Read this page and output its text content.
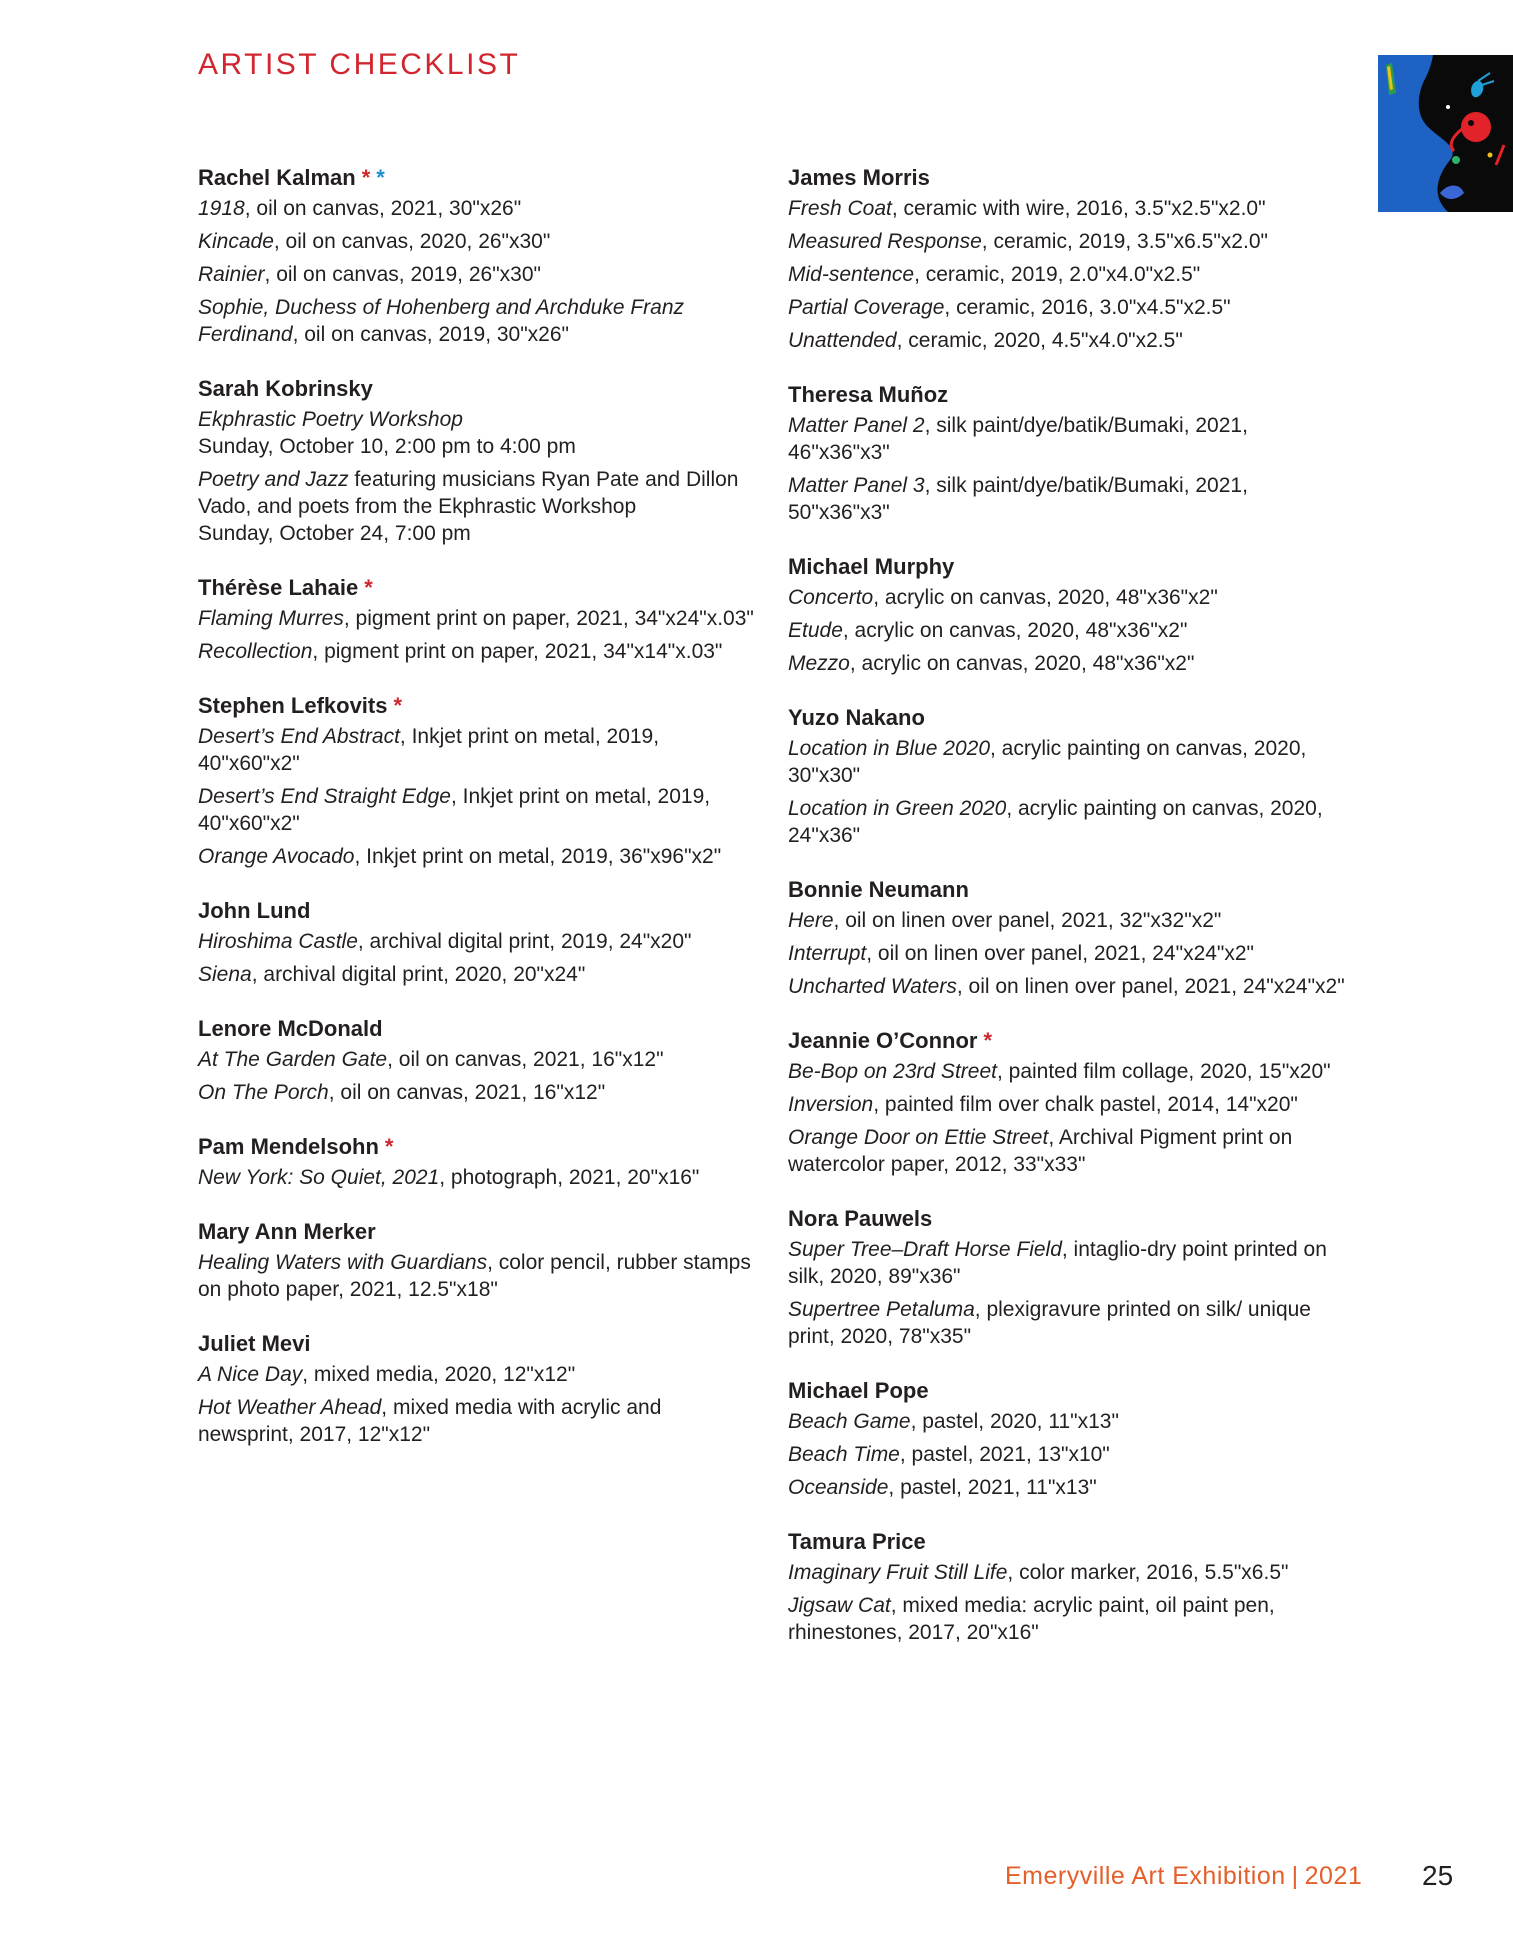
ARTIST CHECKLIST
Rachel Kalman * *
1918, oil on canvas, 2021, 30"x26"
Kincade, oil on canvas, 2020, 26"x30"
Rainier, oil on canvas, 2019, 26"x30"
Sophie, Duchess of Hohenberg and Archduke Franz Ferdinand, oil on canvas, 2019, 30"x26"
Sarah Kobrinsky
Ekphrastic Poetry Workshop
Sunday, October 10, 2:00 pm to 4:00 pm
Poetry and Jazz featuring musicians Ryan Pate and Dillon Vado, and poets from the Ekphrastic Workshop
Sunday, October 24, 7:00 pm
Thérèse Lahaie *
Flaming Murres, pigment print on paper, 2021, 34"x24"x.03"
Recollection, pigment print on paper, 2021, 34"x14"x.03"
Stephen Lefkovits *
Desert’s End Abstract, Inkjet print on metal, 2019, 40"x60"x2"
Desert’s End Straight Edge, Inkjet print on metal, 2019, 40"x60"x2"
Orange Avocado, Inkjet print on metal, 2019, 36"x96"x2"
John Lund
Hiroshima Castle, archival digital print, 2019, 24"x20"
Siena, archival digital print, 2020, 20"x24"
Lenore McDonald
At The Garden Gate, oil on canvas, 2021, 16"x12"
On The Porch, oil on canvas, 2021, 16"x12"
Pam Mendelsohn *
New York: So Quiet, 2021, photograph, 2021, 20"x16"
Mary Ann Merker
Healing Waters with Guardians, color pencil, rubber stamps on photo paper, 2021, 12.5"x18"
Juliet Mevi
A Nice Day, mixed media, 2020, 12"x12"
Hot Weather Ahead, mixed media with acrylic and newsprint, 2017, 12"x12"
James Morris
Fresh Coat, ceramic with wire, 2016, 3.5"x2.5"x2.0"
Measured Response, ceramic, 2019, 3.5"x6.5"x2.0"
Mid-sentence, ceramic, 2019, 2.0"x4.0"x2.5"
Partial Coverage, ceramic, 2016, 3.0"x4.5"x2.5"
Unattended, ceramic, 2020, 4.5"x4.0"x2.5"
Theresa Muñoz
Matter Panel 2, silk paint/dye/batik/Bumaki, 2021, 46"x36"x3"
Matter Panel 3, silk paint/dye/batik/Bumaki, 2021, 50"x36"x3"
Michael Murphy
Concerto, acrylic on canvas, 2020, 48"x36"x2"
Etude, acrylic on canvas, 2020, 48"x36"x2"
Mezzo, acrylic on canvas, 2020, 48"x36"x2"
Yuzo Nakano
Location in Blue 2020, acrylic painting on canvas, 2020, 30"x30"
Location in Green 2020, acrylic painting on canvas, 2020, 24"x36"
Bonnie Neumann
Here, oil on linen over panel, 2021, 32"x32"x2"
Interrupt, oil on linen over panel, 2021, 24"x24"x2"
Uncharted Waters, oil on linen over panel, 2021, 24"x24"x2"
Jeannie O’Connor *
Be-Bop on 23rd Street, painted film collage, 2020, 15"x20"
Inversion, painted film over chalk pastel, 2014, 14"x20"
Orange Door on Ettie Street, Archival Pigment print on watercolor paper, 2012, 33"x33"
Nora Pauwels
Super Tree–Draft Horse Field, intaglio-dry point printed on silk, 2020, 89"x36"
Supertree Petaluma, plexigravure printed on silk/ unique print, 2020, 78"x35"
Michael Pope
Beach Game, pastel, 2020, 11"x13"
Beach Time, pastel, 2021, 13"x10"
Oceanside, pastel, 2021, 11"x13"
Tamura Price
Imaginary Fruit Still Life, color marker, 2016, 5.5"x6.5"
Jigsaw Cat, mixed media: acrylic paint, oil paint pen, rhinestones, 2017, 20"x16"
Emeryville Art Exhibition | 2021 25
